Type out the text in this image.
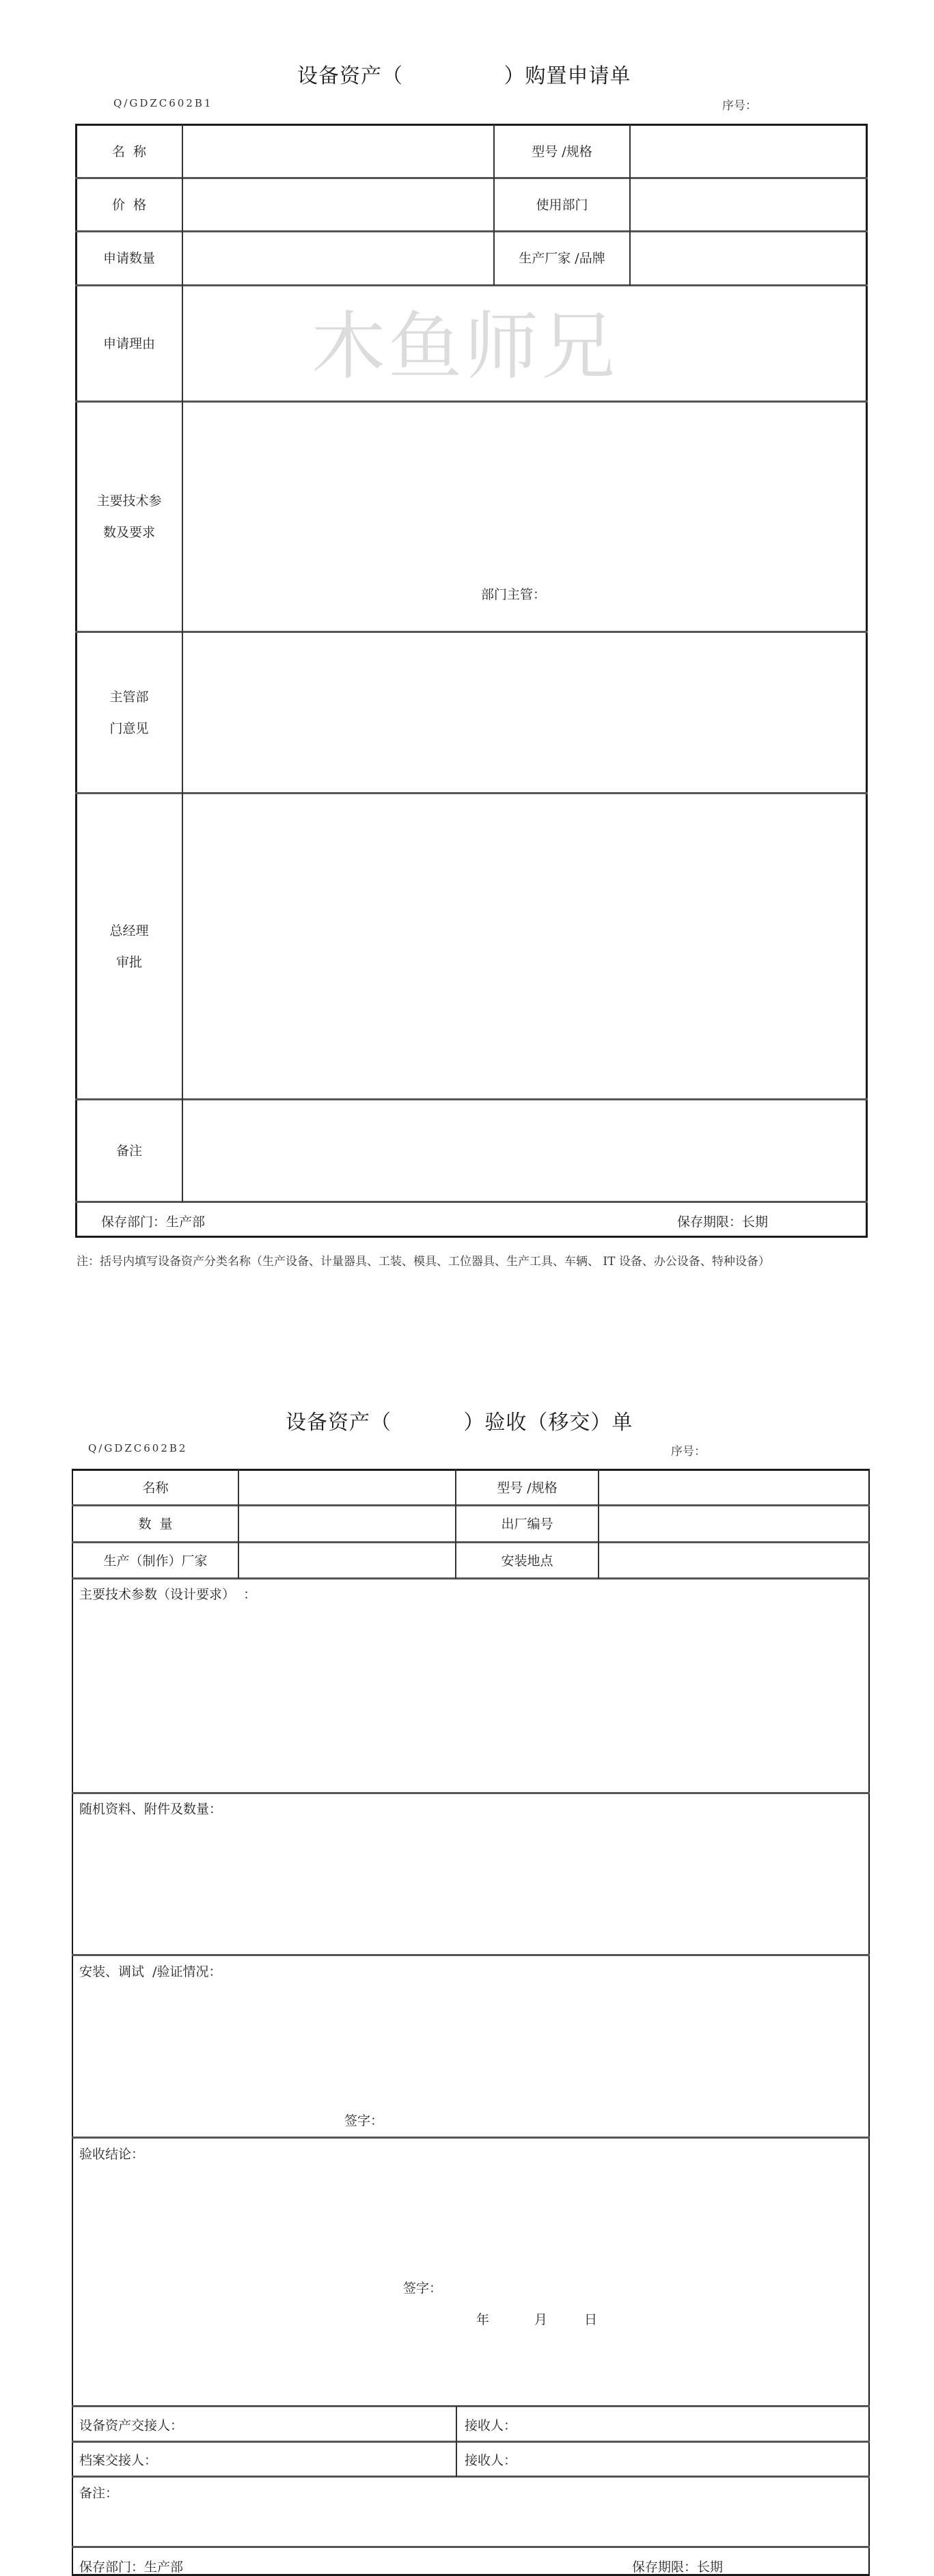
设备资产（              ）购置申请单
Q/GDZC602B1	序号：
名  称	型号 /规格
价  格	使用部门
申请数量	生产厂家 /品牌
申请理由	木鱼师兄
主要技术参
数及要求
部门主管：
主管部
门意见
总经理
审批
备注
保存部门：生产部	保存期限：长期
注：括号内填写设备资产分类名称（生产设备、计量器具、工装、模具、工位器具、生产工具、车辆、 IT 设备、办公设备、特种设备）
设备资产（          ）验收（移交）单
Q/GDZC602B2	序号：
名称	型号 /规格
数  量	出厂编号
生产（制作）厂家	安装地点
主要技术参数（设计要求）  ：
随机资料、附件及数量：
安装、调试  /验证情况：
签字：
验收结论：
签字：
年	月	日
设备资产交接人：	接收人：
档案交接人：	接收人：
备注：
保存部门：生产部	保存期限：长期
